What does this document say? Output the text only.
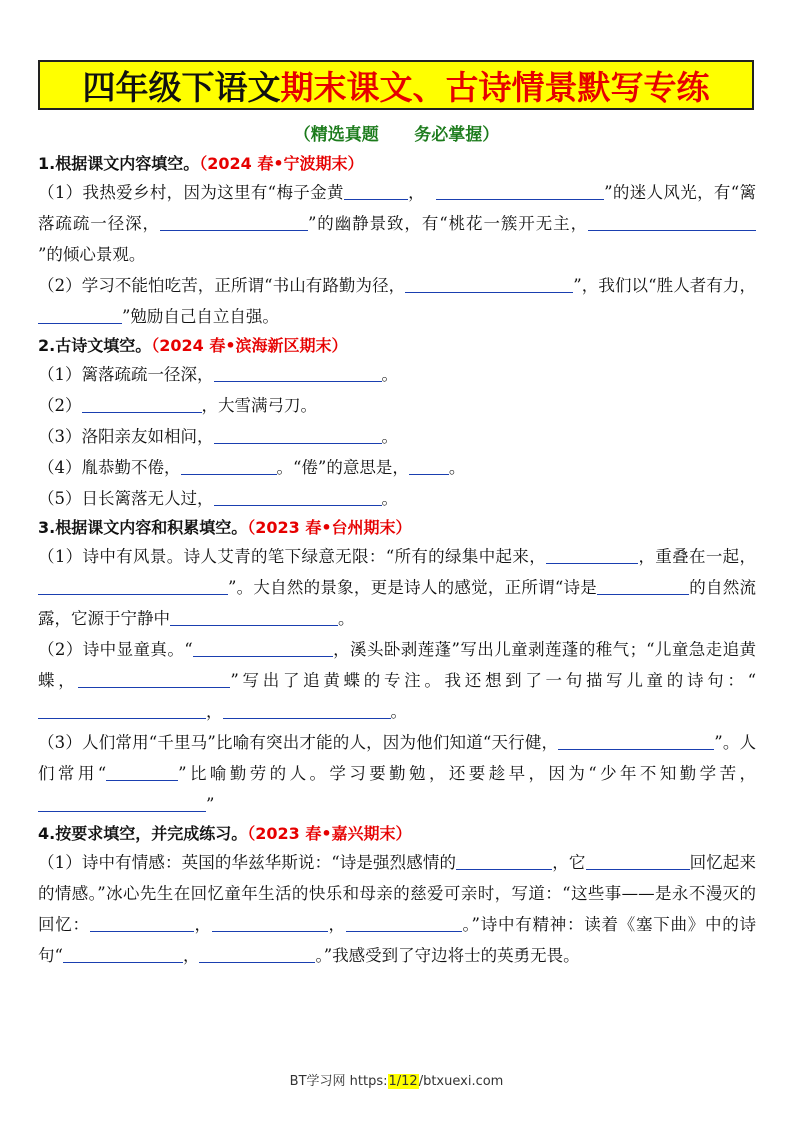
四年级下语文 期末课文、古诗情景默写专练
（精选真题 务必掌握）
1.根据课文内容填空。（2024 春•宁波期末）
（1）我热爱乡村，因为这里有“梅子金黄	，	”的迷人风光，有“篱落疏疏一径深，	”的幽静景致，有“桃花一簇开无主，”的倾心景观。
（2）学习不能怕吃苦，正所谓“书山有路勤为径，	”，我们以“胜人者有力，”勉励自己自立自强。
2.古诗文填空。（2024 春•滨海新区期末）
（1）篱落疏疏一径深，	。
（2）	，大雪满弓刀。
（3）洛阳亲友如相问，	。
（4）胤恭勤不倦，	。“倦”的意思是， 。
（5）日长篱落无人过，	。
3.根据课文内容和积累填空。（2023 春•台州期末）
（1）诗中有风景。诗人艾青的笔下绿意无限：“所有的绿集中起来，	，重叠在一起，”。大自然的景象，更是诗人的感觉，正所谓“诗是	的自然流露，它源于宁静中	。
（2）诗中显童真。“	，溪头卧剥莲蓬”写出儿童剥莲蓬的稚气；“儿童急走追黄蝶，	”写出了追黄蝶的专注。我还想到了一句描写儿童的诗句：“，	。
（3）人们常用“千里马”比喻有突出才能的人，因为他们知道“天行健，	”。人们常用“	”比喻勤劳的人。学习要勤勉，还要趁早，因为“少年不知勤学苦，”
4.按要求填空，并完成练习。（2023 春•嘉兴期末）
（1）诗中有情感：英国的华兹华斯说：“诗是强烈感情的	，它	回忆起来的情感。”冰心先生在回忆童年生活的快乐和母亲的慈爱可亲时，写道：“这些事——是永不漫灭的回忆：	，	，	。”诗中有精神：读着《塞下曲》中的诗句“	，	。”我感受到了守边将士的英勇无畏。
BT学习网 https:1/12/btxuexi.com
